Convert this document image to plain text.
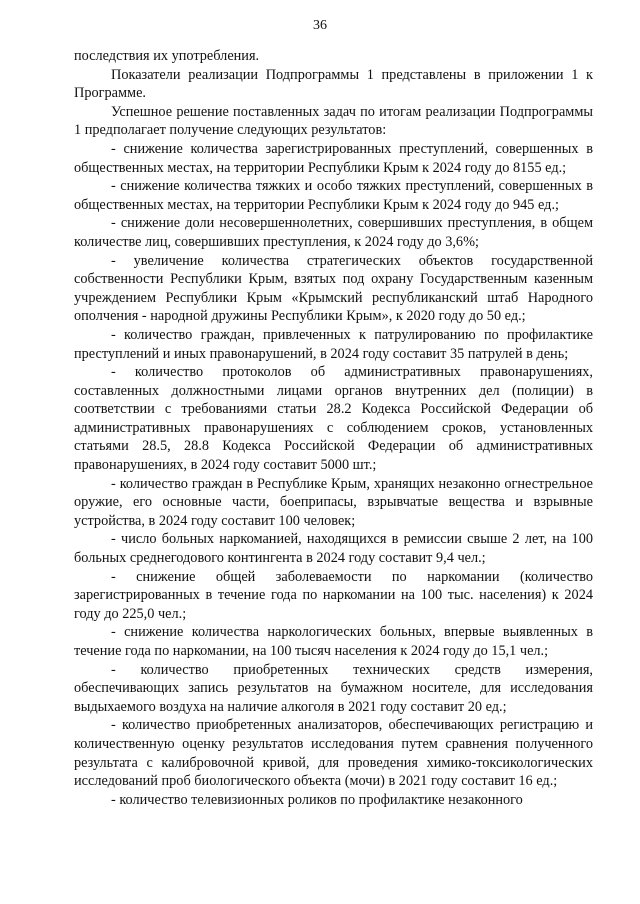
36

последствия их употребления.

Показатели реализации Подпрограммы 1 представлены в приложении 1 к Программе.

Успешное решение поставленных задач по итогам реализации Подпрограммы 1 предполагает получение следующих результатов:

- снижение количества зарегистрированных преступлений, совершенных в общественных местах, на территории Республики Крым к 2024 году до 8155 ед.;

- снижение количества тяжких и особо тяжких преступлений, совершенных в общественных местах, на территории Республики Крым к 2024 году до 945 ед.;

- снижение доли несовершеннолетних, совершивших преступления, в общем количестве лиц, совершивших преступления, к 2024 году до 3,6%;

- увеличение количества стратегических объектов государственной собственности Республики Крым, взятых под охрану Государственным казенным учреждением Республики Крым «Крымский республиканский штаб Народного ополчения - народной дружины Республики Крым», к 2020 году до 50 ед.;

- количество граждан, привлеченных к патрулированию по профилактике преступлений и иных правонарушений, в 2024 году составит 35 патрулей в день;

- количество протоколов об административных правонарушениях, составленных должностными лицами органов внутренних дел (полиции) в соответствии с требованиями статьи 28.2 Кодекса Российской Федерации об административных правонарушениях с соблюдением сроков, установленных статьями 28.5, 28.8 Кодекса Российской Федерации об административных правонарушениях, в 2024 году составит 5000 шт.;

- количество граждан в Республике Крым, хранящих незаконно огнестрельное оружие, его основные части, боеприпасы, взрывчатые вещества и взрывные устройства, в 2024 году составит 100 человек;

- число больных наркоманией, находящихся в ремиссии свыше 2 лет, на 100 больных среднегодового контингента в 2024 году составит 9,4 чел.;

- снижение общей заболеваемости по наркомании (количество зарегистрированных в течение года по наркомании на 100 тыс. населения) к 2024 году до 225,0 чел.;

- снижение количества наркологических больных, впервые выявленных в течение года по наркомании, на 100 тысяч населения к 2024 году до 15,1 чел.;

- количество приобретенных технических средств измерения, обеспечивающих запись результатов на бумажном носителе, для исследования выдыхаемого воздуха на наличие алкоголя в 2021 году составит 20 ед.;

- количество приобретенных анализаторов, обеспечивающих регистрацию и количественную оценку результатов исследования путем сравнения полученного результата с калибровочной кривой, для проведения химико-токсикологических исследований проб биологического объекта (мочи) в 2021 году составит 16 ед.;

- количество телевизионных роликов по профилактике незаконного
